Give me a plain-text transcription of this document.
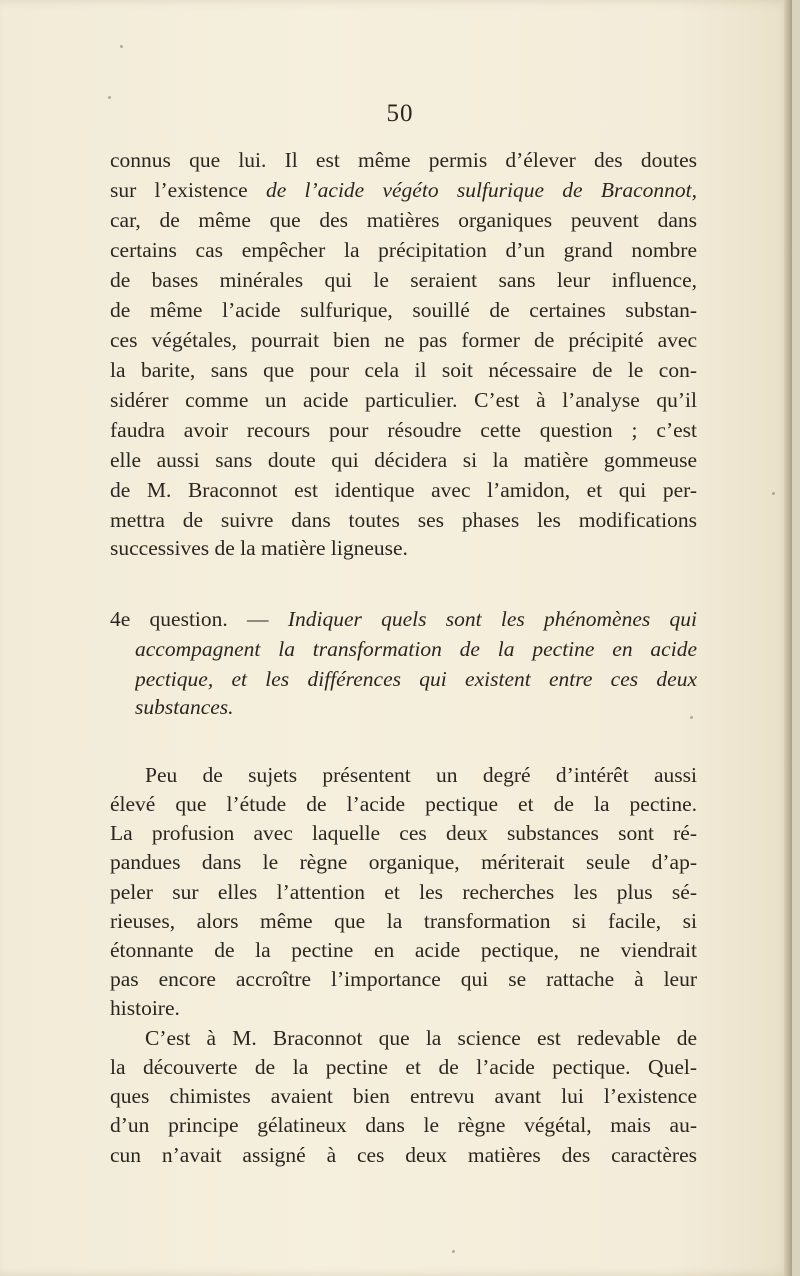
50
connus que lui. Il est même permis d’élever des doutes
sur l’existence de l’acide végéto sulfurique de Braconnot,
car, de même que des matières organiques peuvent dans
certains cas empêcher la précipitation d’un grand nombre
de bases minérales qui le seraient sans leur influence,
de même l’acide sulfurique, souillé de certaines substan-
ces végétales, pourrait bien ne pas former de précipité avec
la barite, sans que pour cela il soit nécessaire de le con-
sidérer comme un acide particulier. C’est à l’analyse qu’il
faudra avoir recours pour résoudre cette question ; c’est
elle aussi sans doute qui décidera si la matière gommeuse
de M. Braconnot est identique avec l’amidon, et qui per-
mettra de suivre dans toutes ses phases les modifications
successives de la matière ligneuse.
4e question. — Indiquer quels sont les phénomènes qui
accompagnent la transformation de la pectine en acide
pectique, et les différences qui existent entre ces deux
substances.
Peu de sujets présentent un degré d’intérêt aussi
élevé que l’étude de l’acide pectique et de la pectine.
La profusion avec laquelle ces deux substances sont ré-
pandues dans le règne organique, mériterait seule d’ap-
peler sur elles l’attention et les recherches les plus sé-
rieuses, alors même que la transformation si facile, si
étonnante de la pectine en acide pectique, ne viendrait
pas encore accroître l’importance qui se rattache à leur
histoire.
C’est à M. Braconnot que la science est redevable de
la découverte de la pectine et de l’acide pectique. Quel-
ques chimistes avaient bien entrevu avant lui l’existence
d’un principe gélatineux dans le règne végétal, mais au-
cun n’avait assigné à ces deux matières des caractères
